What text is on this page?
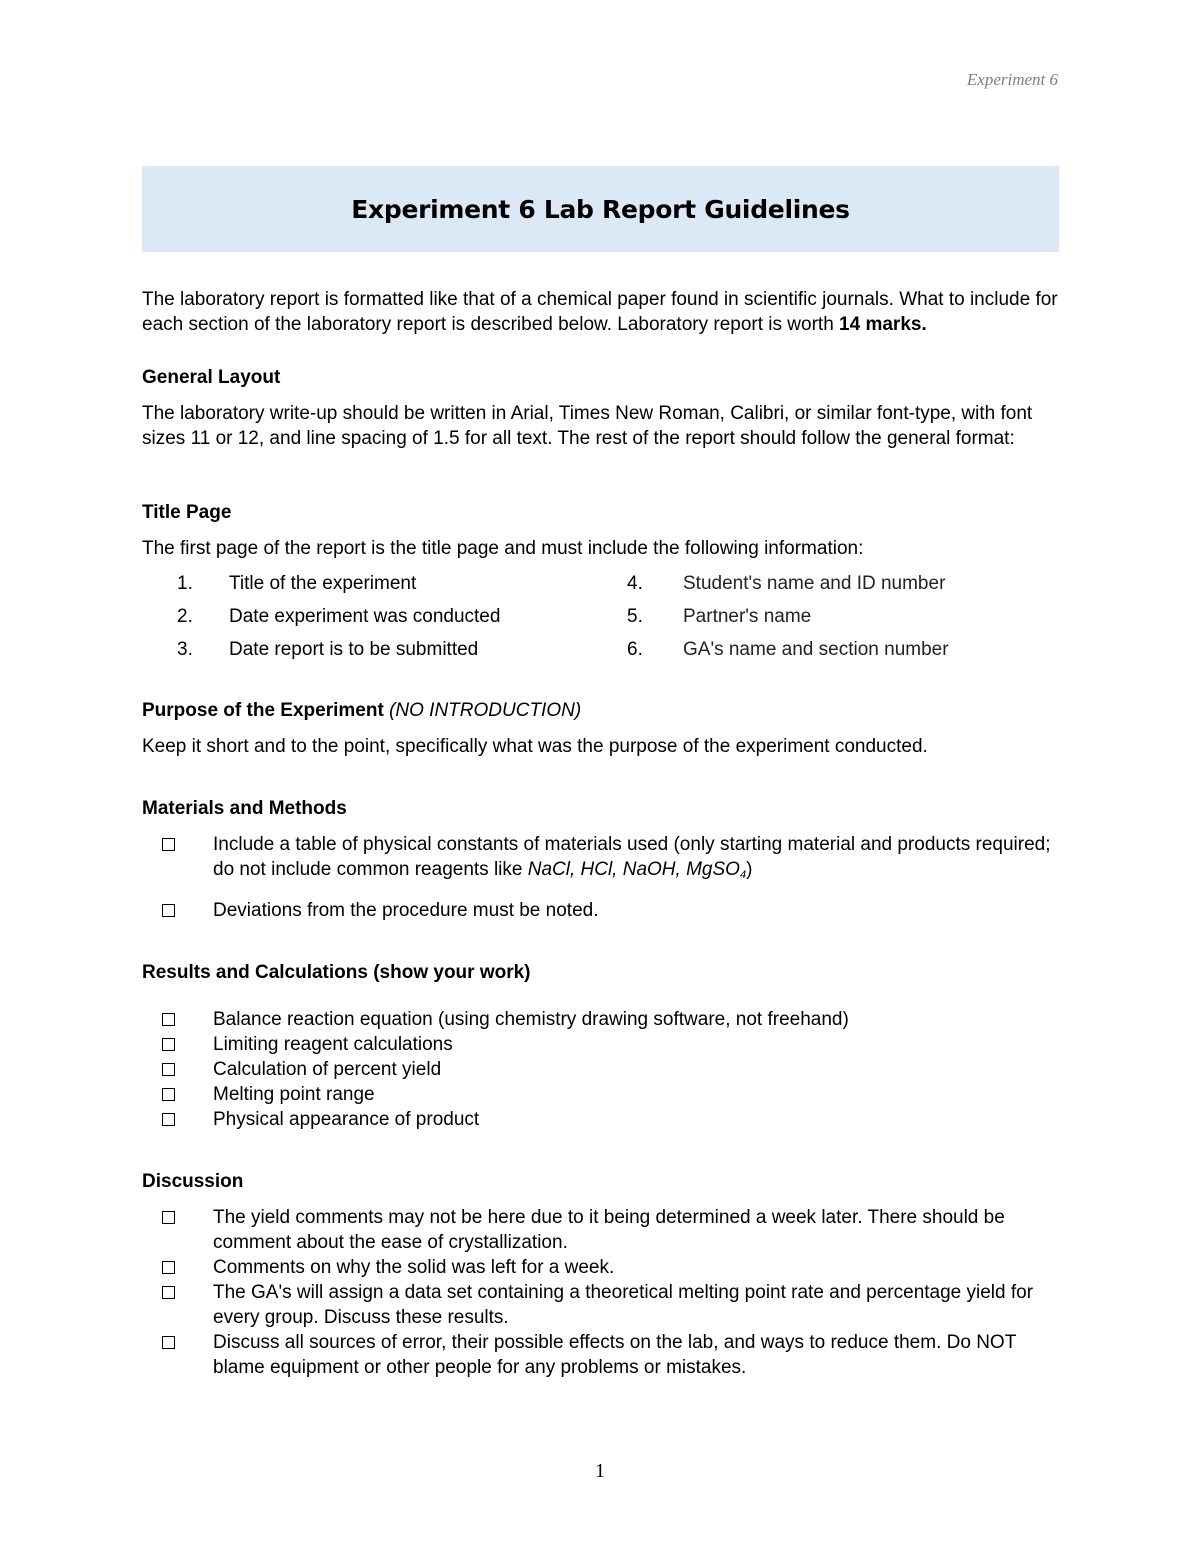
Experiment 6
Experiment 6 Lab Report Guidelines

The laboratory report is formatted like that of a chemical paper found in scientific journals. What to include for each section of the laboratory report is described below. Laboratory report is worth 14 marks.

General Layout

The laboratory write-up should be written in Arial, Times New Roman, Calibri, or similar font-type, with font sizes 11 or 12, and line spacing of 1.5 for all text. The rest of the report should follow the general format:

Title Page

The first page of the report is the title page and must include the following information:

1.	Title of the experiment	4.	Student's name and ID number
2.	Date experiment was conducted	5.	Partner's name
3.	Date report is to be submitted	6.	GA's name and section number

Purpose of the Experiment (NO INTRODUCTION)

Keep it short and to the point, specifically what was the purpose of the experiment conducted.

Materials and Methods

Include a table of physical constants of materials used (only starting material and products required; do not include common reagents like NaCl, HCl, NaOH, MgSO$_4$)
Deviations from the procedure must be noted.

Results and Calculations (show your work)

Balance reaction equation (using chemistry drawing software, not freehand)
Limiting reagent calculations
Calculation of percent yield
Melting point range
Physical appearance of product

Discussion

The yield comments may not be here due to it being determined a week later. There should be comment about the ease of crystallization.
Comments on why the solid was left for a week.
The GA's will assign a data set containing a theoretical melting point rate and percentage yield for every group. Discuss these results.
Discuss all sources of error, their possible effects on the lab, and ways to reduce them. Do NOT blame equipment or other people for any problems or mistakes.
1
